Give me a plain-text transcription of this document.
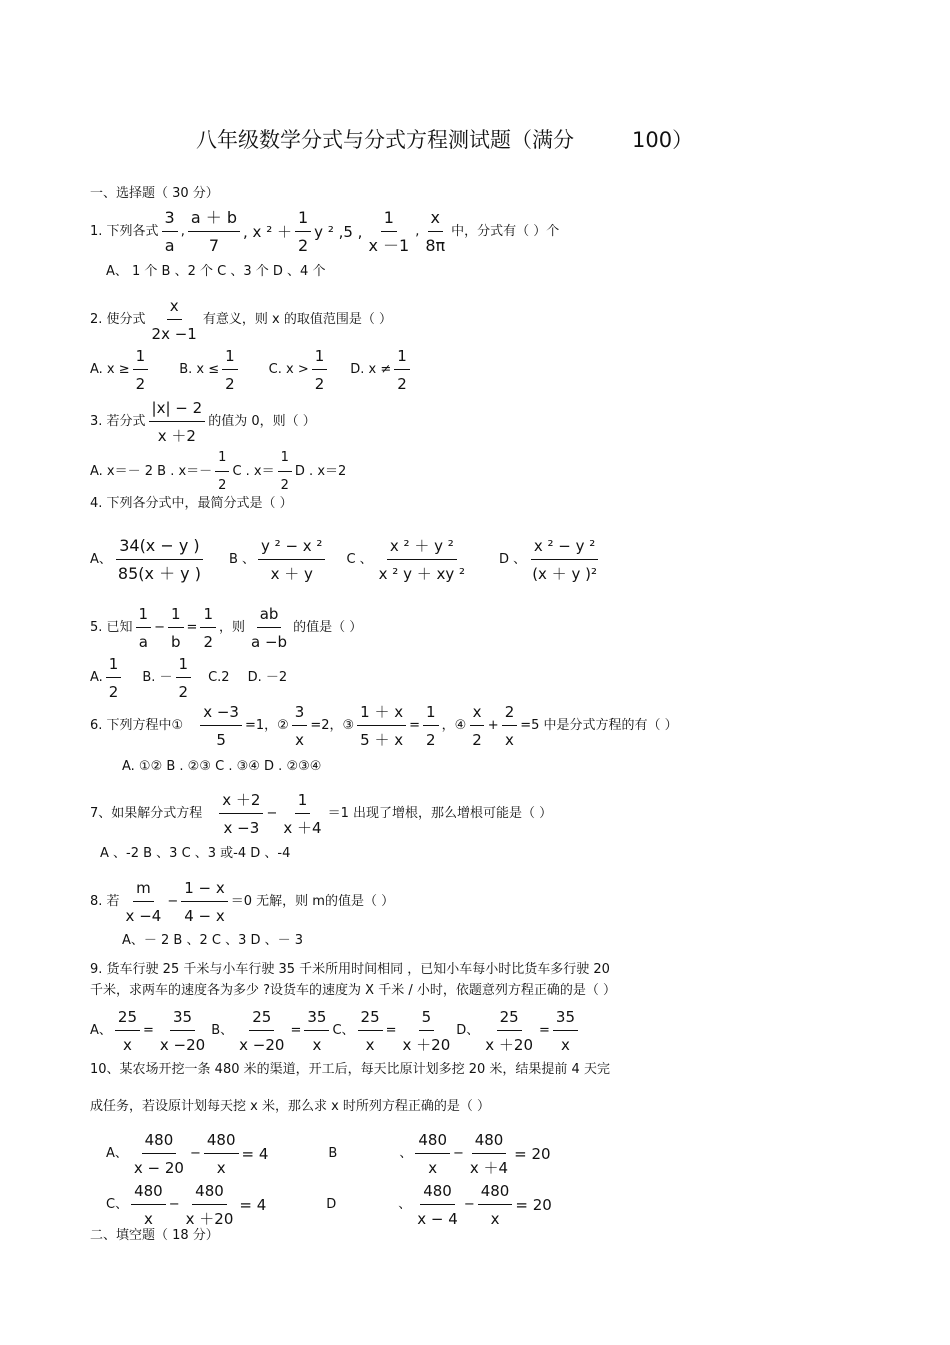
八年级数学分式与分式方程测试题（满分	100）
一、选择题（ 30 分）
1. 下列各式 $\frac{3}{a}$ , $\frac{a + b}{7}$ , x $^2 + \frac{1}{2}$ y ² ,5 , $\frac{1}{x -1}$ , $\frac{x}{8\pi}$ 中，分式有（ ）个
A、 1 个 B 、2 个 C 、3 个 D 、4 个
2. 使分式 $\frac{x}{2x -1}$ 有意义，则 x 的取值范围是（ ）
A. $x \ge \frac{1}{2} B$. $x \le \frac{1}{2} C$. $x > \frac{1}{2} D$. $x \ne \frac{1}{2}$
3. 若分式 $\frac{|x| - 2}{x +2}$ 的值为 0，则（ ）
A. x＝－ 2 B . $x=- \frac{1}{2}$ C . $x= \frac{1}{2}$ D . x＝2
4. 下列各分式中，最简分式是（ ）
A、 $\frac{34(x - y )}{85(x + y )}$ B 、 $\frac{\text{y ² − x ²}}{x + y}$ C 、 $\frac{\text{x ² ＋ y ²}}{\text{x ² y ＋ xy ²}}$ D 、 $\frac{\text{x ² − y ²}}{\text{(x ＋ y )²}}$
5. 已知 $\frac{1}{a} - \frac{1}{b} = \frac{1}{2}$ ，则 $\frac{ab}{a -b}$ 的值是（ ）
A. $\frac{1}{2} B$. － $\frac{1}{2} C.2$ D. －2
6. 下列方程中① $\frac{x -3}{5} =1$，② $\frac{3}{x} =2$，③ $\frac{1 + x}{5 + x} = \frac{1}{2}$ ，④ $\frac{x}{2} + \frac{2}{x} =5$ 中是分式方程的有（ ）
A. ①② B . ②③ C . ③④ D . ②③④
7、如果解分式方程 $\frac{x +2}{x -3} - \frac{1}{x +4} =1$ 出现了增根，那么增根可能是（ ）
A 、-2 B 、3 C 、3 或-4 D 、-4
8. 若 $\frac{m}{x -4} - \frac{1 - x}{4 - x} =0$ 无解，则 m的值是（ ）
A、－ 2 B 、2 C 、3 D 、－ 3
9. 货车行驶 25 千米与小车行驶 35 千米所用时间相同 ，已知小车每小时比货车多行驶 20
千米，求两车的速度各为多少 ?设货车的速度为 X 千米 / 小时，依题意列方程正确的是（ ）
A、 $\frac{25}{x} = \frac{35}{x -20}$ B、 $\frac{25}{x -20} = \frac{35}{x}$ C、 $\frac{25}{x} = \frac{5}{x +20}$ D、 $\frac{25}{x +20} = \frac{35}{x}$
10、某农场开挖一条 480 米的渠道，开工后，每天比原计划多挖 20 米，结果提前 4 天完
成任务，若设原计划每天挖 x 米，那么求 x 时所列方程正确的是（ ）
A、 $\frac{480}{x - 20} - \frac{480}{x} = 4$	B	、 $\frac{480}{x} - \frac{480}{x +4} = 20$
C、 $\frac{480}{x} - \frac{480}{x +20} = 4$	D	、 $\frac{480}{x - 4} - \frac{480}{x} = 20$
二、填空题（ 18 分）
